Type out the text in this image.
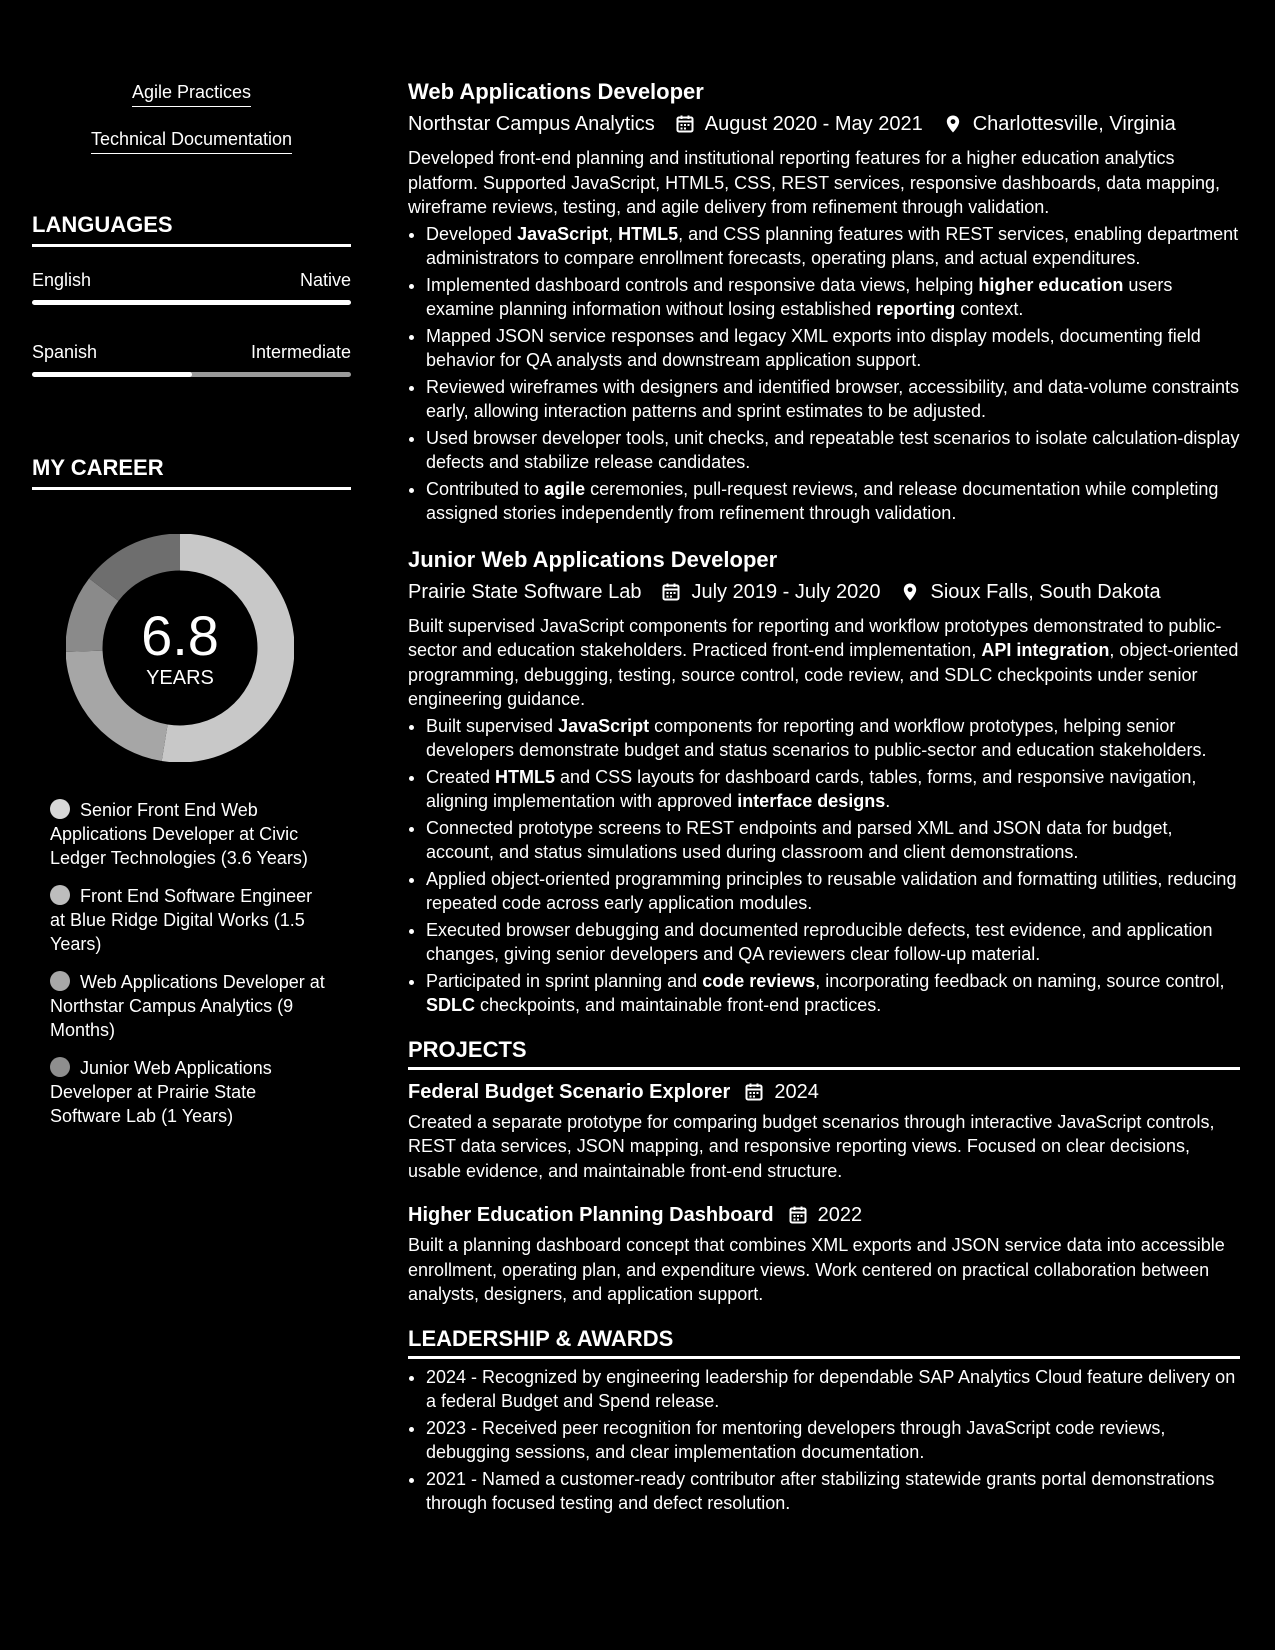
Agile Practices
Technical Documentation
LANGUAGES
English	Native
Spanish	Intermediate
MY CAREER
6.8
YEARS
Senior Front End Web Applications Developer at Civic Ledger Technologies (3.6 Years)
Front End Software Engineer at Blue Ridge Digital Works (1.5 Years)
Web Applications Developer at Northstar Campus Analytics (9 Months)
Junior Web Applications Developer at Prairie State Software Lab (1 Years)
Web Applications Developer
Northstar Campus Analytics	August 2020 - May 2021	Charlottesville, Virginia
Developed front-end planning and institutional reporting features for a higher education analytics platform. Supported JavaScript, HTML5, CSS, REST services, responsive dashboards, data mapping, wireframe reviews, testing, and agile delivery from refinement through validation.
• Developed JavaScript, HTML5, and CSS planning features with REST services, enabling department administrators to compare enrollment forecasts, operating plans, and actual expenditures.
• Implemented dashboard controls and responsive data views, helping higher education users examine planning information without losing established reporting context.
• Mapped JSON service responses and legacy XML exports into display models, documenting field behavior for QA analysts and downstream application support.
• Reviewed wireframes with designers and identified browser, accessibility, and data-volume constraints early, allowing interaction patterns and sprint estimates to be adjusted.
• Used browser developer tools, unit checks, and repeatable test scenarios to isolate calculation-display defects and stabilize release candidates.
• Contributed to agile ceremonies, pull-request reviews, and release documentation while completing assigned stories independently from refinement through validation.
Junior Web Applications Developer
Prairie State Software Lab	July 2019 - July 2020	Sioux Falls, South Dakota
Built supervised JavaScript components for reporting and workflow prototypes demonstrated to public-sector and education stakeholders. Practiced front-end implementation, API integration, object-oriented programming, debugging, testing, source control, code review, and SDLC checkpoints under senior engineering guidance.
• Built supervised JavaScript components for reporting and workflow prototypes, helping senior developers demonstrate budget and status scenarios to public-sector and education stakeholders.
• Created HTML5 and CSS layouts for dashboard cards, tables, forms, and responsive navigation, aligning implementation with approved interface designs.
• Connected prototype screens to REST endpoints and parsed XML and JSON data for budget, account, and status simulations used during classroom and client demonstrations.
• Applied object-oriented programming principles to reusable validation and formatting utilities, reducing repeated code across early application modules.
• Executed browser debugging and documented reproducible defects, test evidence, and application changes, giving senior developers and QA reviewers clear follow-up material.
• Participated in sprint planning and code reviews, incorporating feedback on naming, source control, SDLC checkpoints, and maintainable front-end practices.
PROJECTS
Federal Budget Scenario Explorer 2024
Created a separate prototype for comparing budget scenarios through interactive JavaScript controls, REST data services, JSON mapping, and responsive reporting views. Focused on clear decisions, usable evidence, and maintainable front-end structure.
Higher Education Planning Dashboard 2022
Built a planning dashboard concept that combines XML exports and JSON service data into accessible enrollment, operating plan, and expenditure views. Work centered on practical collaboration between analysts, designers, and application support.
LEADERSHIP & AWARDS
• 2024 - Recognized by engineering leadership for dependable SAP Analytics Cloud feature delivery on a federal Budget and Spend release.
• 2023 - Received peer recognition for mentoring developers through JavaScript code reviews, debugging sessions, and clear implementation documentation.
• 2021 - Named a customer-ready contributor after stabilizing statewide grants portal demonstrations through focused testing and defect resolution.
